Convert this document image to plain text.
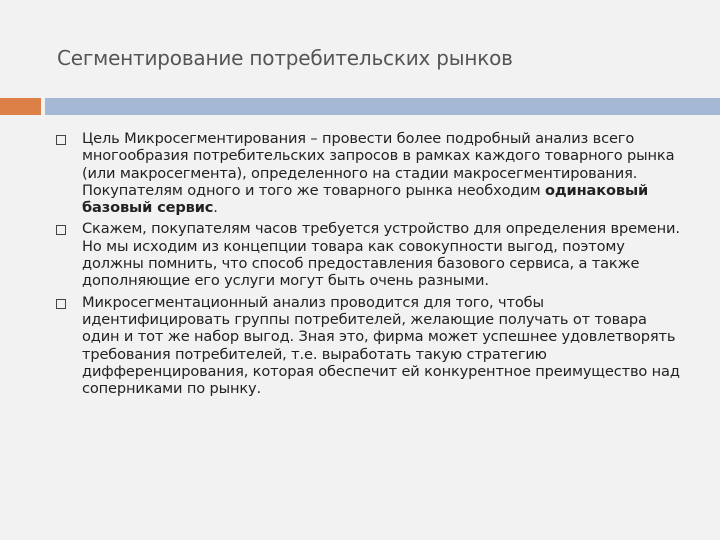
Сегментирование потребительских рынков
Цель Микросегментирования – провести более подробный анализ всего многообразия потребительских запросов в рамках каждого товарного рынка (или макросегмента), определенного на стадии макросегментирования. Покупателям одного и того же товарного рынка необходим одинаковый базовый сервис.
Скажем, покупателям часов требуется устройство для определения времени. Но мы исходим из концепции товара как совокупности выгод, поэтому должны помнить, что способ предоставления базового сервиса, а также дополняющие его услуги могут быть очень разными.
Микросегментационный анализ проводится для того, чтобы идентифицировать группы потребителей, желающие получать от товара один и тот же набор выгод. Зная это, фирма может успешнее удовлетворять требования потребителей, т.е. выработать такую стратегию дифференцирования, которая обеспечит ей конкурентное преимущество над соперниками по рынку.
